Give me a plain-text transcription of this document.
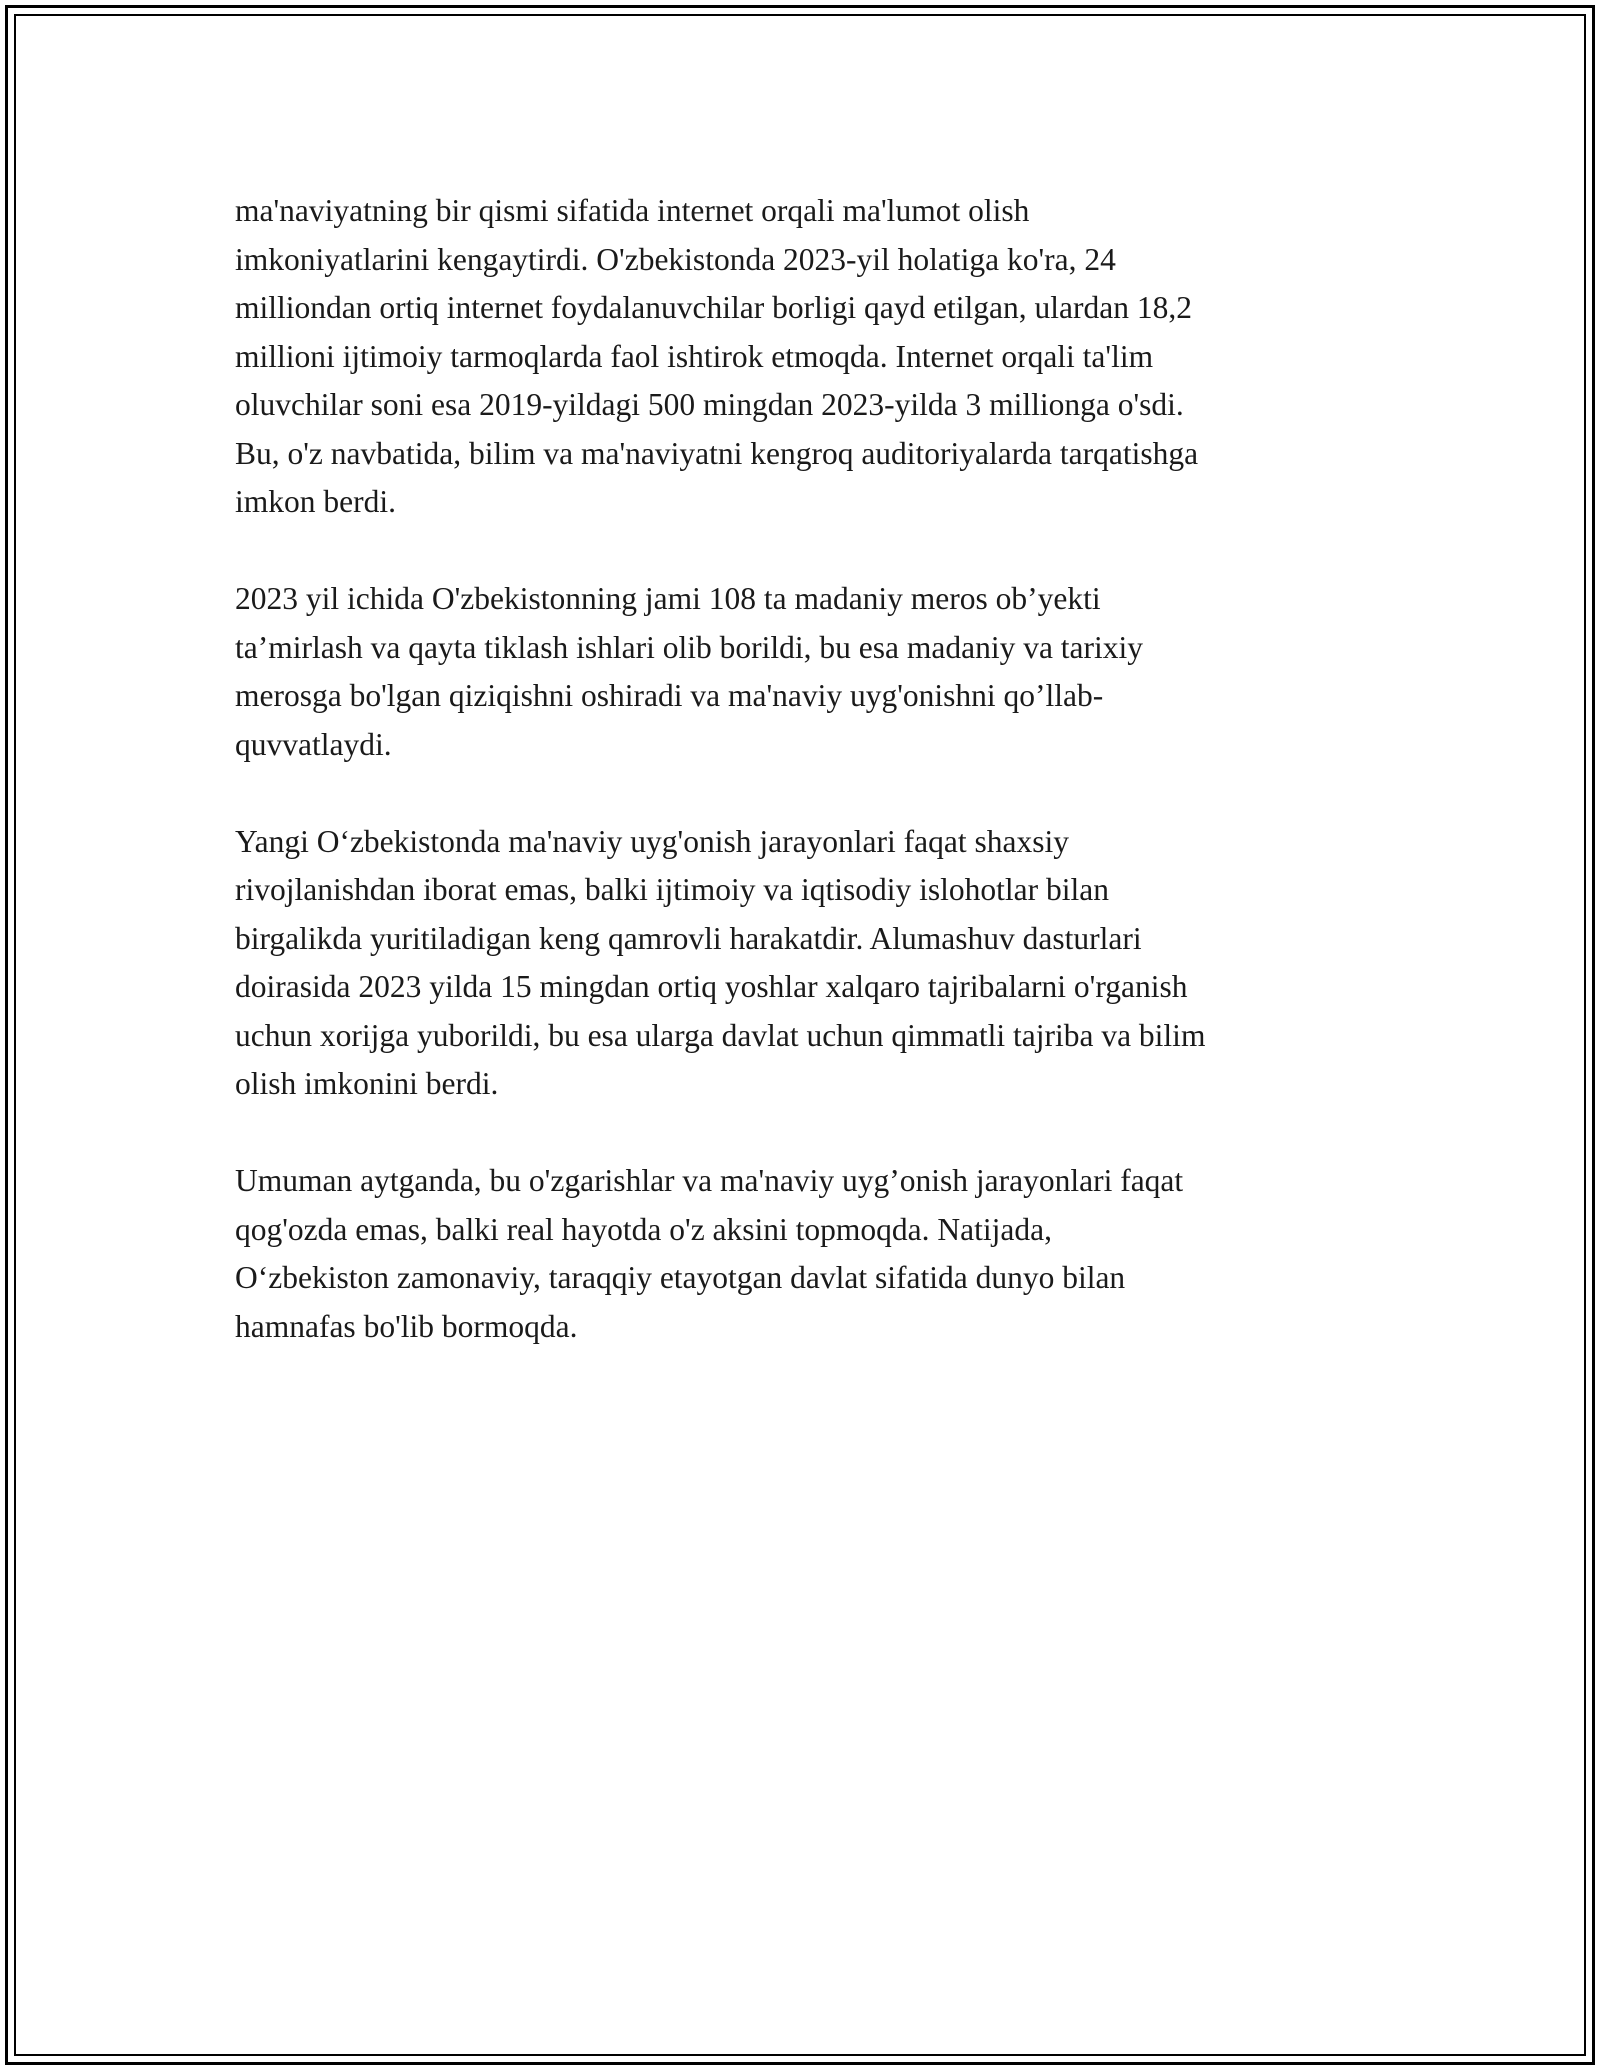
ma'naviyatning bir qismi sifatida internet orqali ma'lumot olish
imkoniyatlarini kengaytirdi. O'zbekistonda 2023-yil holatiga ko'ra, 24
milliondan ortiq internet foydalanuvchilar borligi qayd etilgan, ulardan 18,2
millioni ijtimoiy tarmoqlarda faol ishtirok etmoqda. Internet orqali ta'lim
oluvchilar soni esa 2019-yildagi 500 mingdan 2023-yilda 3 millionga o'sdi.
Bu, o'z navbatida, bilim va ma'naviyatni kengroq auditoriyalarda tarqatishga
imkon berdi.

2023 yil ichida O'zbekistonning jami 108 ta madaniy meros ob’yekti
ta’mirlash va qayta tiklash ishlari olib borildi, bu esa madaniy va tarixiy
merosga bo'lgan qiziqishni oshiradi va ma'naviy uyg'onishni qo’llab-
quvvatlaydi.

Yangi O‘zbekistonda ma'naviy uyg'onish jarayonlari faqat shaxsiy
rivojlanishdan iborat emas, balki ijtimoiy va iqtisodiy islohotlar bilan
birgalikda yuritiladigan keng qamrovli harakatdir. Alumashuv dasturlari
doirasida 2023 yilda 15 mingdan ortiq yoshlar xalqaro tajribalarni o'rganish
uchun xorijga yuborildi, bu esa ularga davlat uchun qimmatli tajriba va bilim
olish imkonini berdi.

Umuman aytganda, bu o'zgarishlar va ma'naviy uyg’onish jarayonlari faqat
qog'ozda emas, balki real hayotda o'z aksini topmoqda. Natijada,
O‘zbekiston zamonaviy, taraqqiy etayotgan davlat sifatida dunyo bilan
hamnafas bo'lib bormoqda.
